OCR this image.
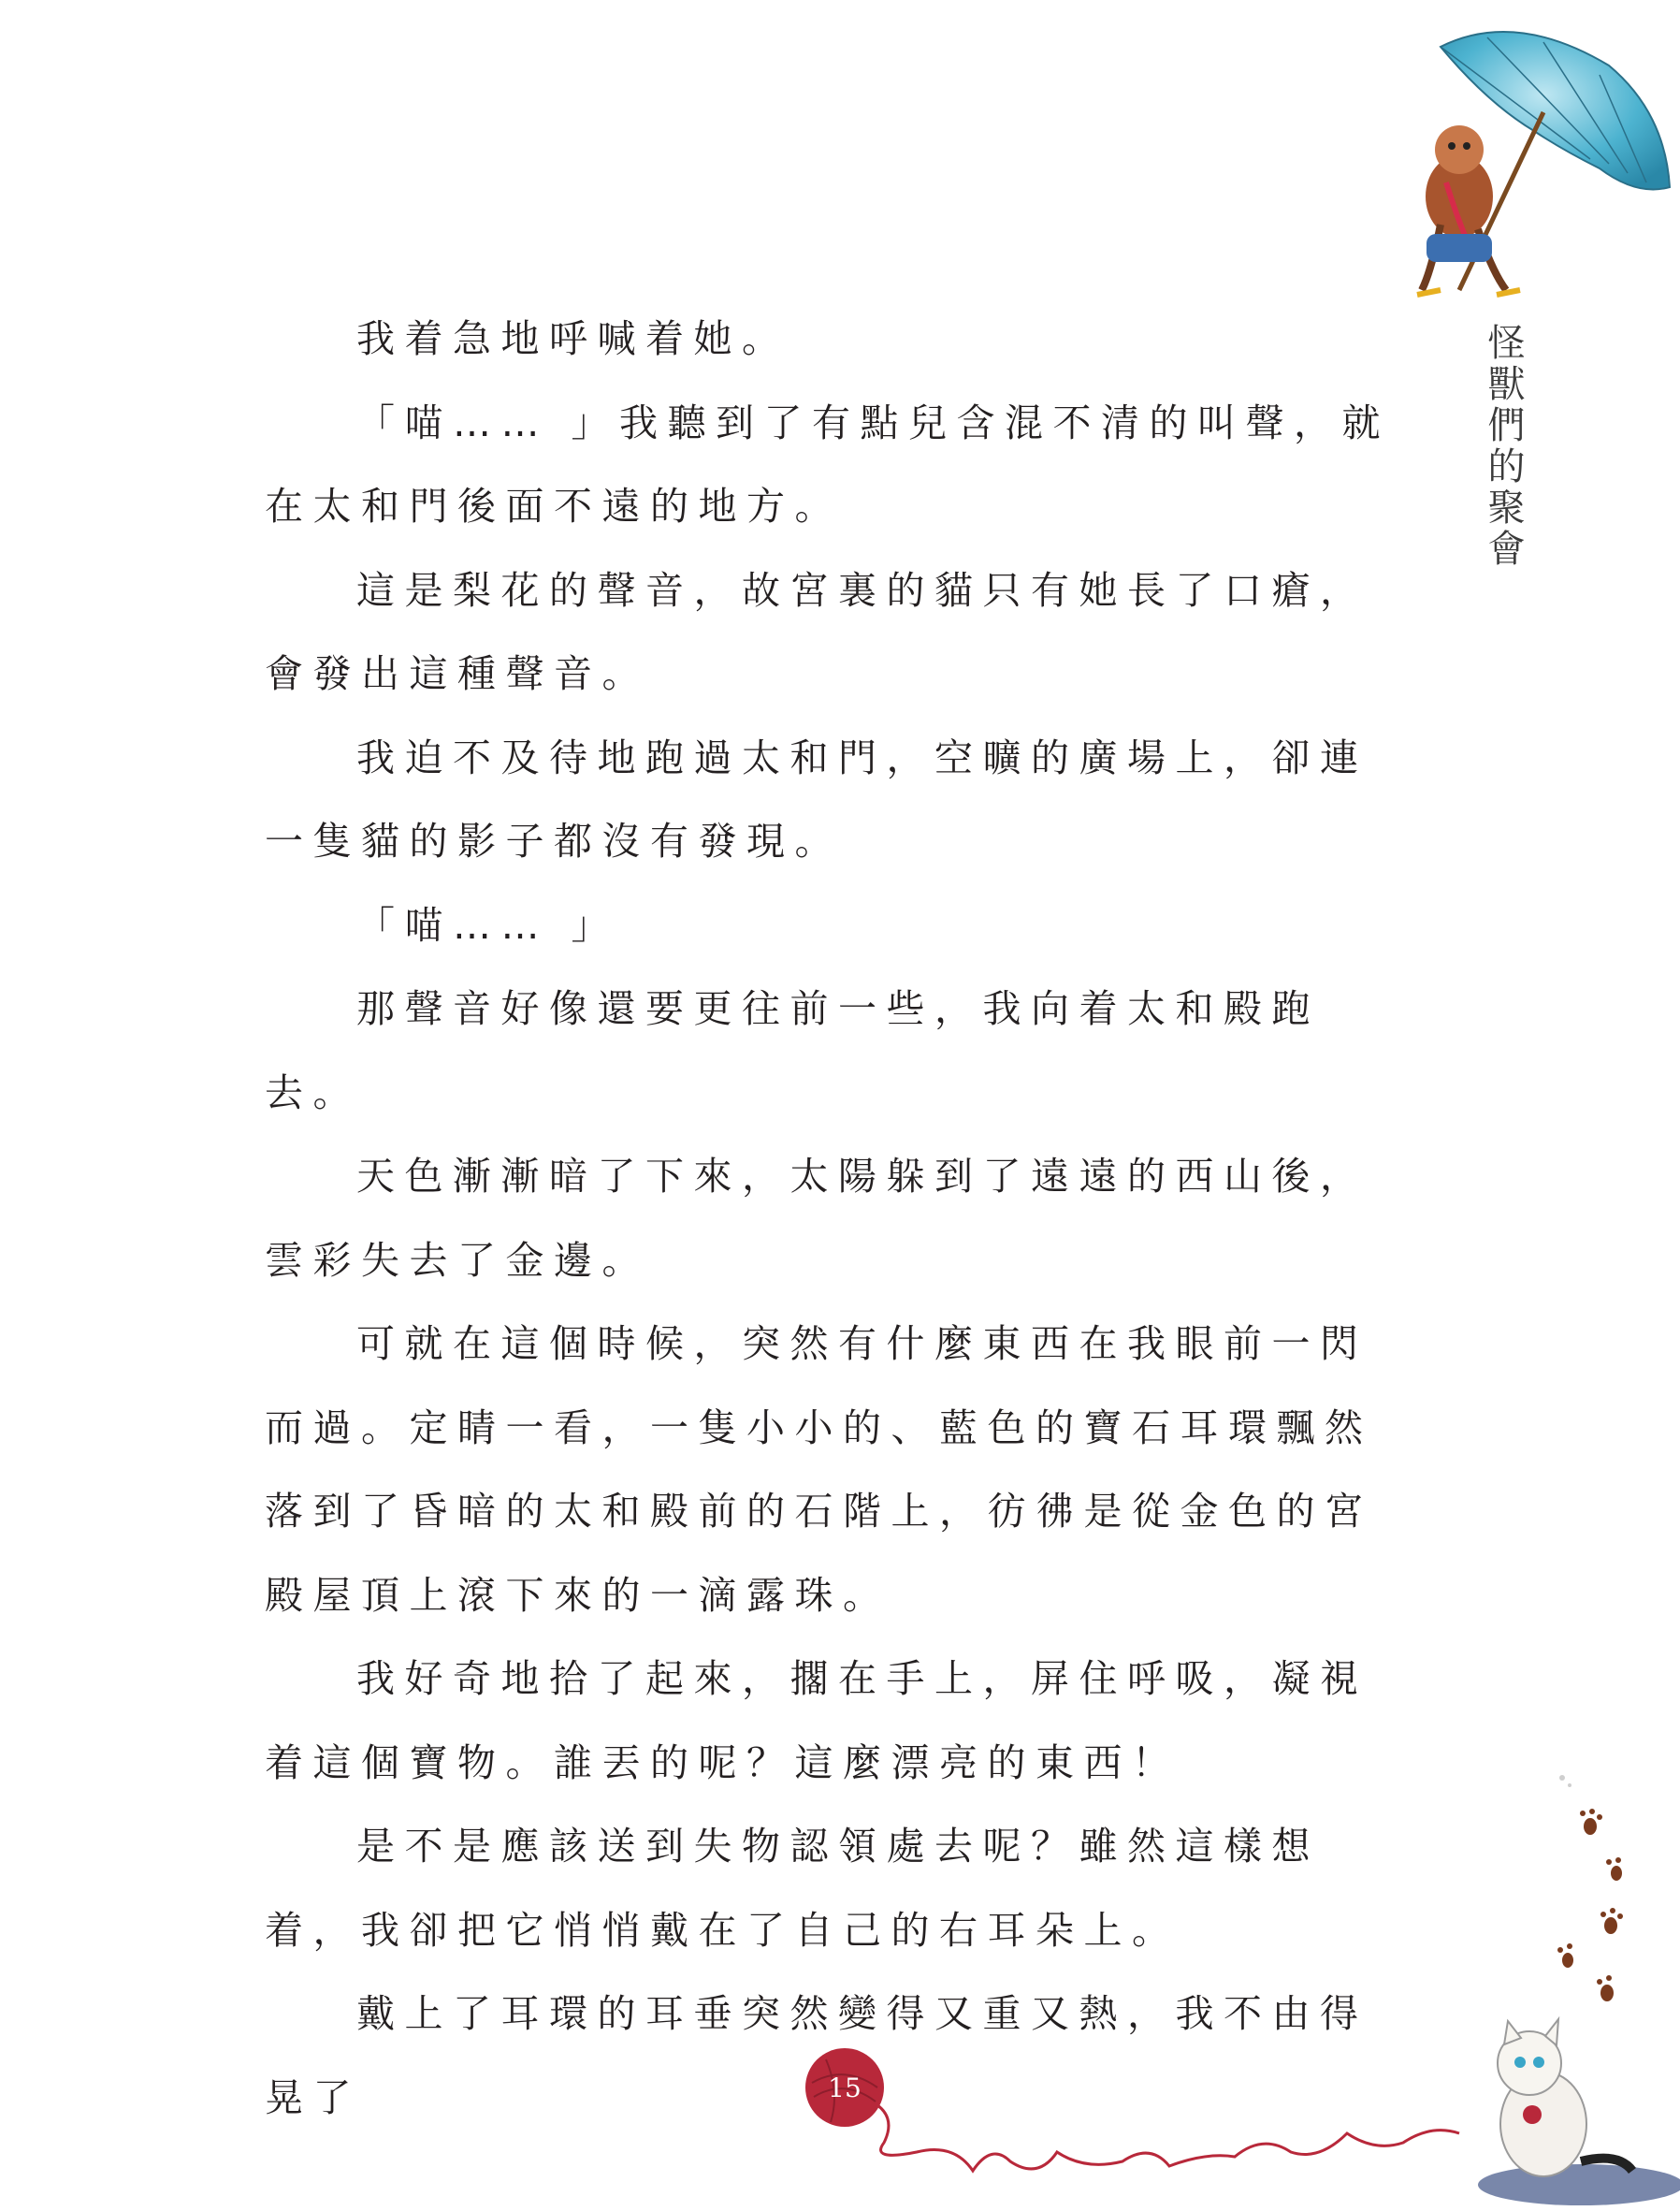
怪獸們的聚會

我着急地呼喊着她。

「喵…… 」我聽到了有點兒含混不清的叫聲，就在太和門後面不遠的地方。

這是梨花的聲音，故宮裏的貓只有她長了口瘡，會發出這種聲音。

我迫不及待地跑過太和門，空曠的廣場上，卻連一隻貓的影子都沒有發現。

「喵…… 」

那聲音好像還要更往前一些，我向着太和殿跑去。

天色漸漸暗了下來，太陽躲到了遠遠的西山後，雲彩失去了金邊。

可就在這個時候，突然有什麼東西在我眼前一閃而過。定睛一看，一隻小小的、藍色的寶石耳環飄然落到了昏暗的太和殿前的石階上，彷彿是從金色的宮殿屋頂上滾下來的一滴露珠。

我好奇地拾了起來，擱在手上，屏住呼吸，凝視着這個寶物。誰丟的呢？這麼漂亮的東西！

是不是應該送到失物認領處去呢？雖然這樣想着，我卻把它悄悄戴在了自己的右耳朵上。

戴上了耳環的耳垂突然變得又重又熱，我不由得晃了	15
